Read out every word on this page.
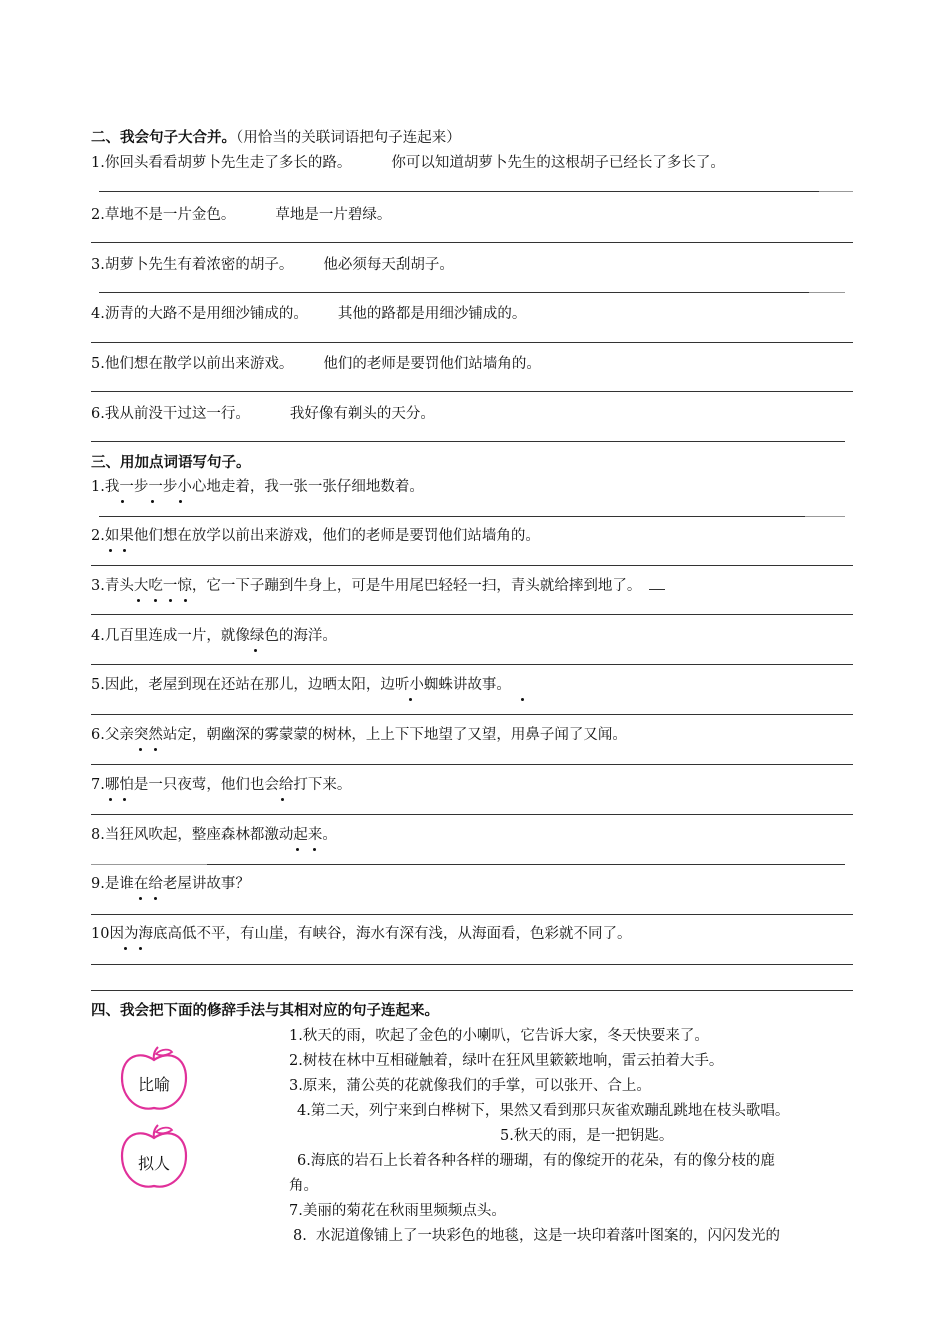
二、我会句子大合并。（用恰当的关联词语把句子连起来）
1.你回头看看胡萝卜先生走了多长的路。	你可以知道胡萝卜先生的这根胡子已经长了多长了。
2.草地不是一片金色。	草地是一片碧绿。
3.胡萝卜先生有着浓密的胡子。 他必须每天刮胡子。
4.沥青的大路不是用细沙铺成的。 其他的路都是用细沙铺成的。
5.他们想在散学以前出来游戏。 他们的老师是要罚他们站墙角的。
6.我从前没干过这一行。	我好像有剃头的天分。
三、用加点词语写句子。
1.我一步一步小心地走着，我一张一张仔细地数着。
2.如果他们想在放学以前出来游戏，他们的老师是要罚他们站墙角的。
3.青头大吃一惊，它一下子蹦到牛身上，可是牛用尾巴轻轻一扫，青头就给摔到地了。
4.几百里连成一片，就像绿色的海洋。
5.因此，老屋到现在还站在那儿，边晒太阳，边听小蜘蛛讲故事。
6.父亲突然站定，朝幽深的雾蒙蒙的树林，上上下下地望了又望，用鼻子闻了又闻。
7.哪怕是一只夜莺，他们也会给打下来。
8.当狂风吹起，整座森林都激动起来。
9.是谁在给老屋讲故事？
10因为海底高低不平，有山崖，有峡谷，海水有深有浅，从海面看，色彩就不同了。
四、我会把下面的修辞手法与其相对应的句子连起来。
比喻
拟人
1.秋天的雨，吹起了金色的小喇叭，它告诉大家，冬天快要来了。
2.树枝在林中互相碰触着，绿叶在狂风里簌簌地响，雷云拍着大手。
3.原来，蒲公英的花就像我们的手掌，可以张开、合上。
4.第二天，列宁来到白桦树下，果然又看到那只灰雀欢蹦乱跳地在枝头歌唱。
5.秋天的雨，是一把钥匙。
6.海底的岩石上长着各种各样的珊瑚，有的像绽开的花朵，有的像分枝的鹿
角。
7.美丽的菊花在秋雨里频频点头。
8.  水泥道像铺上了一块彩色的地毯，这是一块印着落叶图案的，闪闪发光的
